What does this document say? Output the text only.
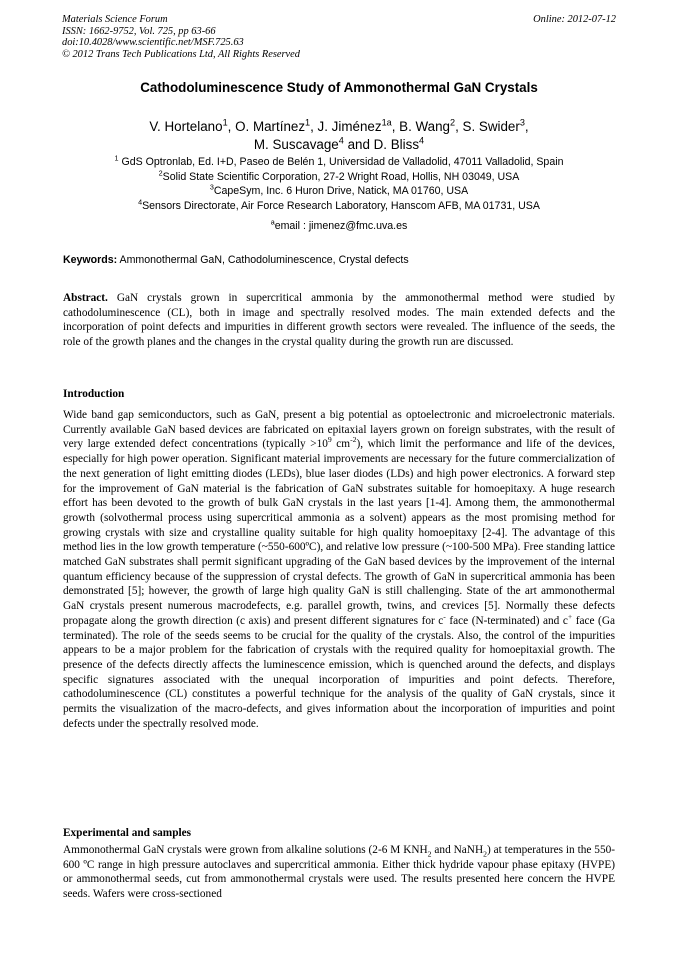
Materials Science Forum
ISSN: 1662-9752, Vol. 725, pp 63-66
doi:10.4028/www.scientific.net/MSF.725.63
© 2012 Trans Tech Publications Ltd, All Rights Reserved
Online: 2012-07-12
Cathodoluminescence Study of Ammonothermal GaN Crystals
V. Hortelano$^1$, O. Martínez$^1$, J. Jiménez$^{1a}$, B. Wang$^2$, S. Swider$^3$,
M. Suscavage$^4$ and D. Bliss$^4$
$^1$ GdS Optronlab, Ed. I+D, Paseo de Belén 1, Universidad de Valladolid, 47011 Valladolid, Spain
$^2$Solid State Scientific Corporation, 27-2 Wright Road, Hollis, NH 03049, USA
$^3$CapeSym, Inc. 6 Huron Drive, Natick, MA 01760, USA
$^4$Sensors Directorate, Air Force Research Laboratory, Hanscom AFB, MA 01731, USA
$^a$email : jimenez@fmc.uva.es
Keywords: Ammonothermal GaN, Cathodoluminescence, Crystal defects
Abstract. GaN crystals grown in supercritical ammonia by the ammonothermal method were studied by cathodoluminescence (CL), both in image and spectrally resolved modes. The main extended defects and the incorporation of point defects and impurities in different growth sectors were revealed. The influence of the seeds, the role of the growth planes and the changes in the crystal quality during the growth run are discussed.
Introduction
Wide band gap semiconductors, such as GaN, present a big potential as optoelectronic and microelectronic materials. Currently available GaN based devices are fabricated on epitaxial layers grown on foreign substrates, with the result of very large extended defect concentrations (typically $>10^9$ $cm^{-2}$), which limit the performance and life of the devices, especially for high power operation. Significant material improvements are necessary for the future commercialization of the next generation of light emitting diodes (LEDs), blue laser diodes (LDs) and high power electronics. A forward step for the improvement of GaN material is the fabrication of GaN substrates suitable for homoepitaxy. A huge research effort has been devoted to the growth of bulk GaN crystals in the last years [1-4]. Among them, the ammonothermal growth (solvothermal process using supercritical ammonia as a solvent) appears as the most promising method for growing crystals with size and crystalline quality suitable for high quality homoepitaxy [2-4]. The advantage of this method lies in the low growth temperature (~550-600ºC), and relative low pressure (~100-500 MPa). Free standing lattice matched GaN substrates shall permit significant upgrading of the GaN based devices by the improvement of the internal quantum efficiency because of the suppression of crystal defects. The growth of GaN in supercritical ammonia has been demonstrated [5]; however, the growth of large high quality GaN is still challenging. State of the art ammonothermal GaN crystals present numerous macrodefects, e.g. parallel growth, twins, and crevices [5]. Normally these defects propagate along the growth direction (c axis) and present different signatures for c- face (N-terminated) and c+ face (Ga terminated). The role of the seeds seems to be crucial for the quality of the crystals. Also, the control of the impurities appears to be a major problem for the fabrication of crystals with the required quality for homoepitaxial growth. The presence of the defects directly affects the luminescence emission, which is quenched around the defects, and displays specific signatures associated with the unequal incorporation of impurities and point defects. Therefore, cathodoluminescence (CL) constitutes a powerful technique for the analysis of the quality of GaN crystals, since it permits the visualization of the macro-defects, and gives information about the incorporation of impurities and point defects under the spectrally resolved mode.
Experimental and samples
Ammonothermal GaN crystals were grown from alkaline solutions (2-6 M $KNH_2$ and NaNH$_2$) at temperatures in the 550-600 ºC range in high pressure autoclaves and supercritical ammonia. Either thick hydride vapour phase epitaxy (HVPE) or ammonothermal seeds, cut from ammonothermal crystals were used. The results presented here concern the HVPE seeds. Wafers were cross-sectioned
